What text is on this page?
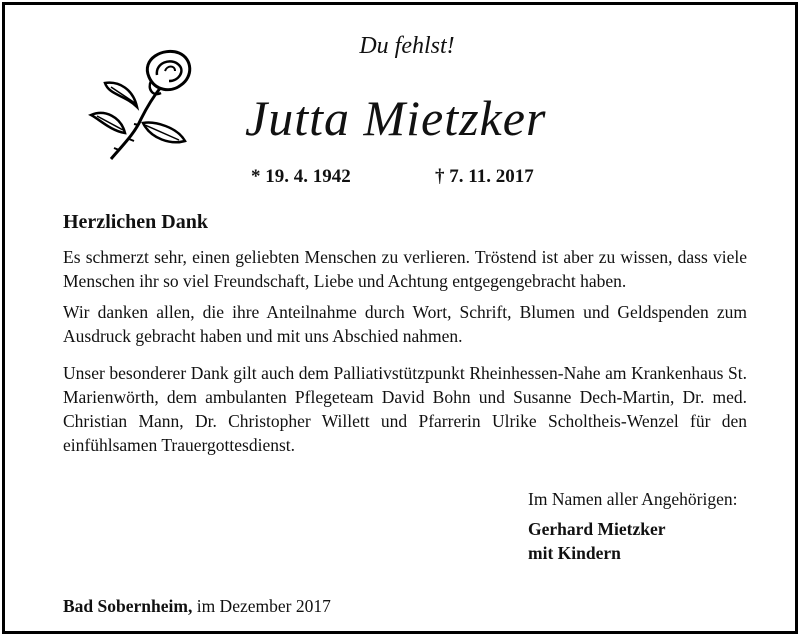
Du fehlst!
Jutta Mietzker
* 19. 4. 1942	† 7. 11. 2017
Herzlichen Dank

Es schmerzt sehr, einen geliebten Menschen zu verlieren. Tröstend ist aber zu wissen, dass viele Menschen ihr so viel Freundschaft, Liebe und Achtung entgegengebracht haben.

Wir danken allen, die ihre Anteilnahme durch Wort, Schrift, Blumen und Geldspenden zum Ausdruck gebracht haben und mit uns Abschied nahmen.

Unser besonderer Dank gilt auch dem Palliativstützpunkt Rheinhessen-Nahe am Krankenhaus St. Marienwörth, dem ambulanten Pflegeteam David Bohn und Susanne Dech-Martin, Dr. med. Christian Mann, Dr. Christopher Willett und Pfarrerin Ulrike Scholtheis-Wenzel für den einfühlsamen Trauergottesdienst.

Im Namen aller Angehörigen:
Gerhard Mietzker
mit Kindern
Bad Sobernheim, im Dezember 2017
